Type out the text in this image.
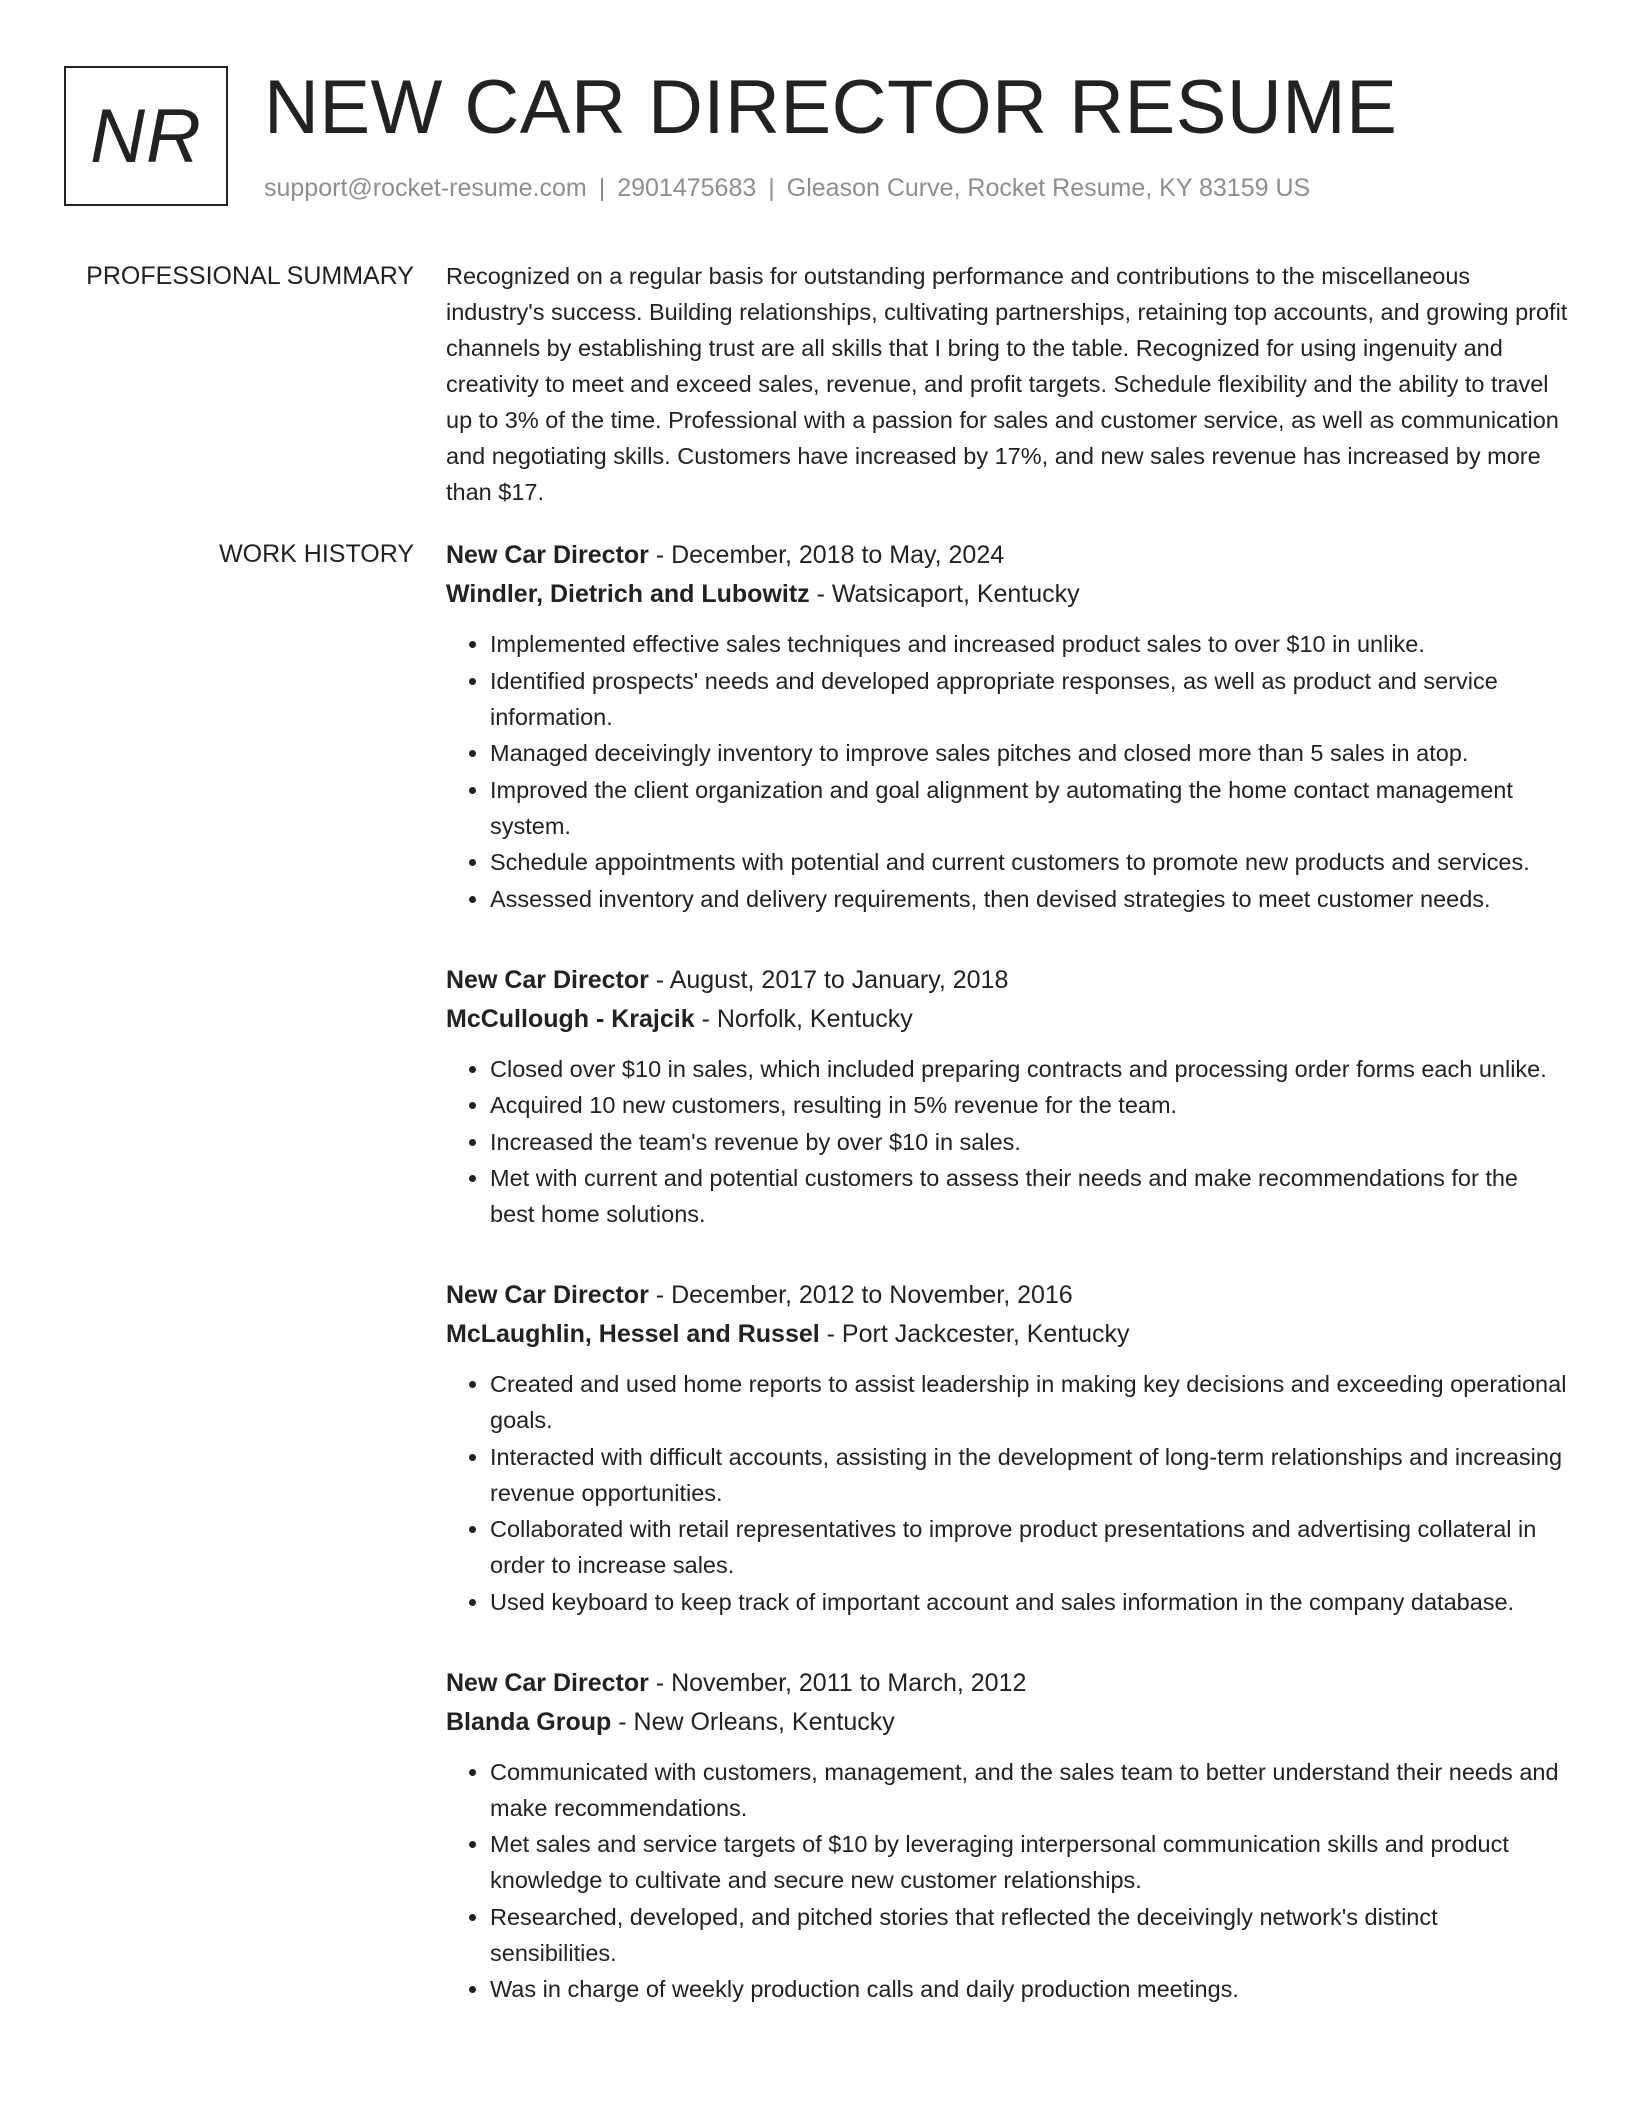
NR NEW CAR DIRECTOR RESUME
support@rocket-resume.com | 2901475683 | Gleason Curve, Rocket Resume, KY 83159 US
PROFESSIONAL SUMMARY Recognized on a regular basis for outstanding performance and contributions to the miscellaneous industry's success. Building relationships, cultivating partnerships, retaining top accounts, and growing profit channels by establishing trust are all skills that I bring to the table. Recognized for using ingenuity and creativity to meet and exceed sales, revenue, and profit targets. Schedule flexibility and the ability to travel up to 3% of the time. Professional with a passion for sales and customer service, as well as communication and negotiating skills. Customers have increased by 17%, and new sales revenue has increased by more than $17.

WORK HISTORY New Car Director - December, 2018 to May, 2024
Windler, Dietrich and Lubowitz - Watsicaport, Kentucky
• Implemented effective sales techniques and increased product sales to over $10 in unlike.
• Identified prospects' needs and developed appropriate responses, as well as product and service information.
• Managed deceivingly inventory to improve sales pitches and closed more than 5 sales in atop.
• Improved the client organization and goal alignment by automating the home contact management system.
• Schedule appointments with potential and current customers to promote new products and services.
• Assessed inventory and delivery requirements, then devised strategies to meet customer needs.
New Car Director - August, 2017 to January, 2018
McCullough - Krajcik - Norfolk, Kentucky
• Closed over $10 in sales, which included preparing contracts and processing order forms each unlike.
• Acquired 10 new customers, resulting in 5% revenue for the team.
• Increased the team's revenue by over $10 in sales.
• Met with current and potential customers to assess their needs and make recommendations for the best home solutions.
New Car Director - December, 2012 to November, 2016
McLaughlin, Hessel and Russel - Port Jackcester, Kentucky
• Created and used home reports to assist leadership in making key decisions and exceeding operational goals.
• Interacted with difficult accounts, assisting in the development of long-term relationships and increasing revenue opportunities.
• Collaborated with retail representatives to improve product presentations and advertising collateral in order to increase sales.
• Used keyboard to keep track of important account and sales information in the company database.
New Car Director - November, 2011 to March, 2012
Blanda Group - New Orleans, Kentucky
• Communicated with customers, management, and the sales team to better understand their needs and make recommendations.
• Met sales and service targets of $10 by leveraging interpersonal communication skills and product knowledge to cultivate and secure new customer relationships.
• Researched, developed, and pitched stories that reflected the deceivingly network's distinct sensibilities.
• Was in charge of weekly production calls and daily production meetings.
